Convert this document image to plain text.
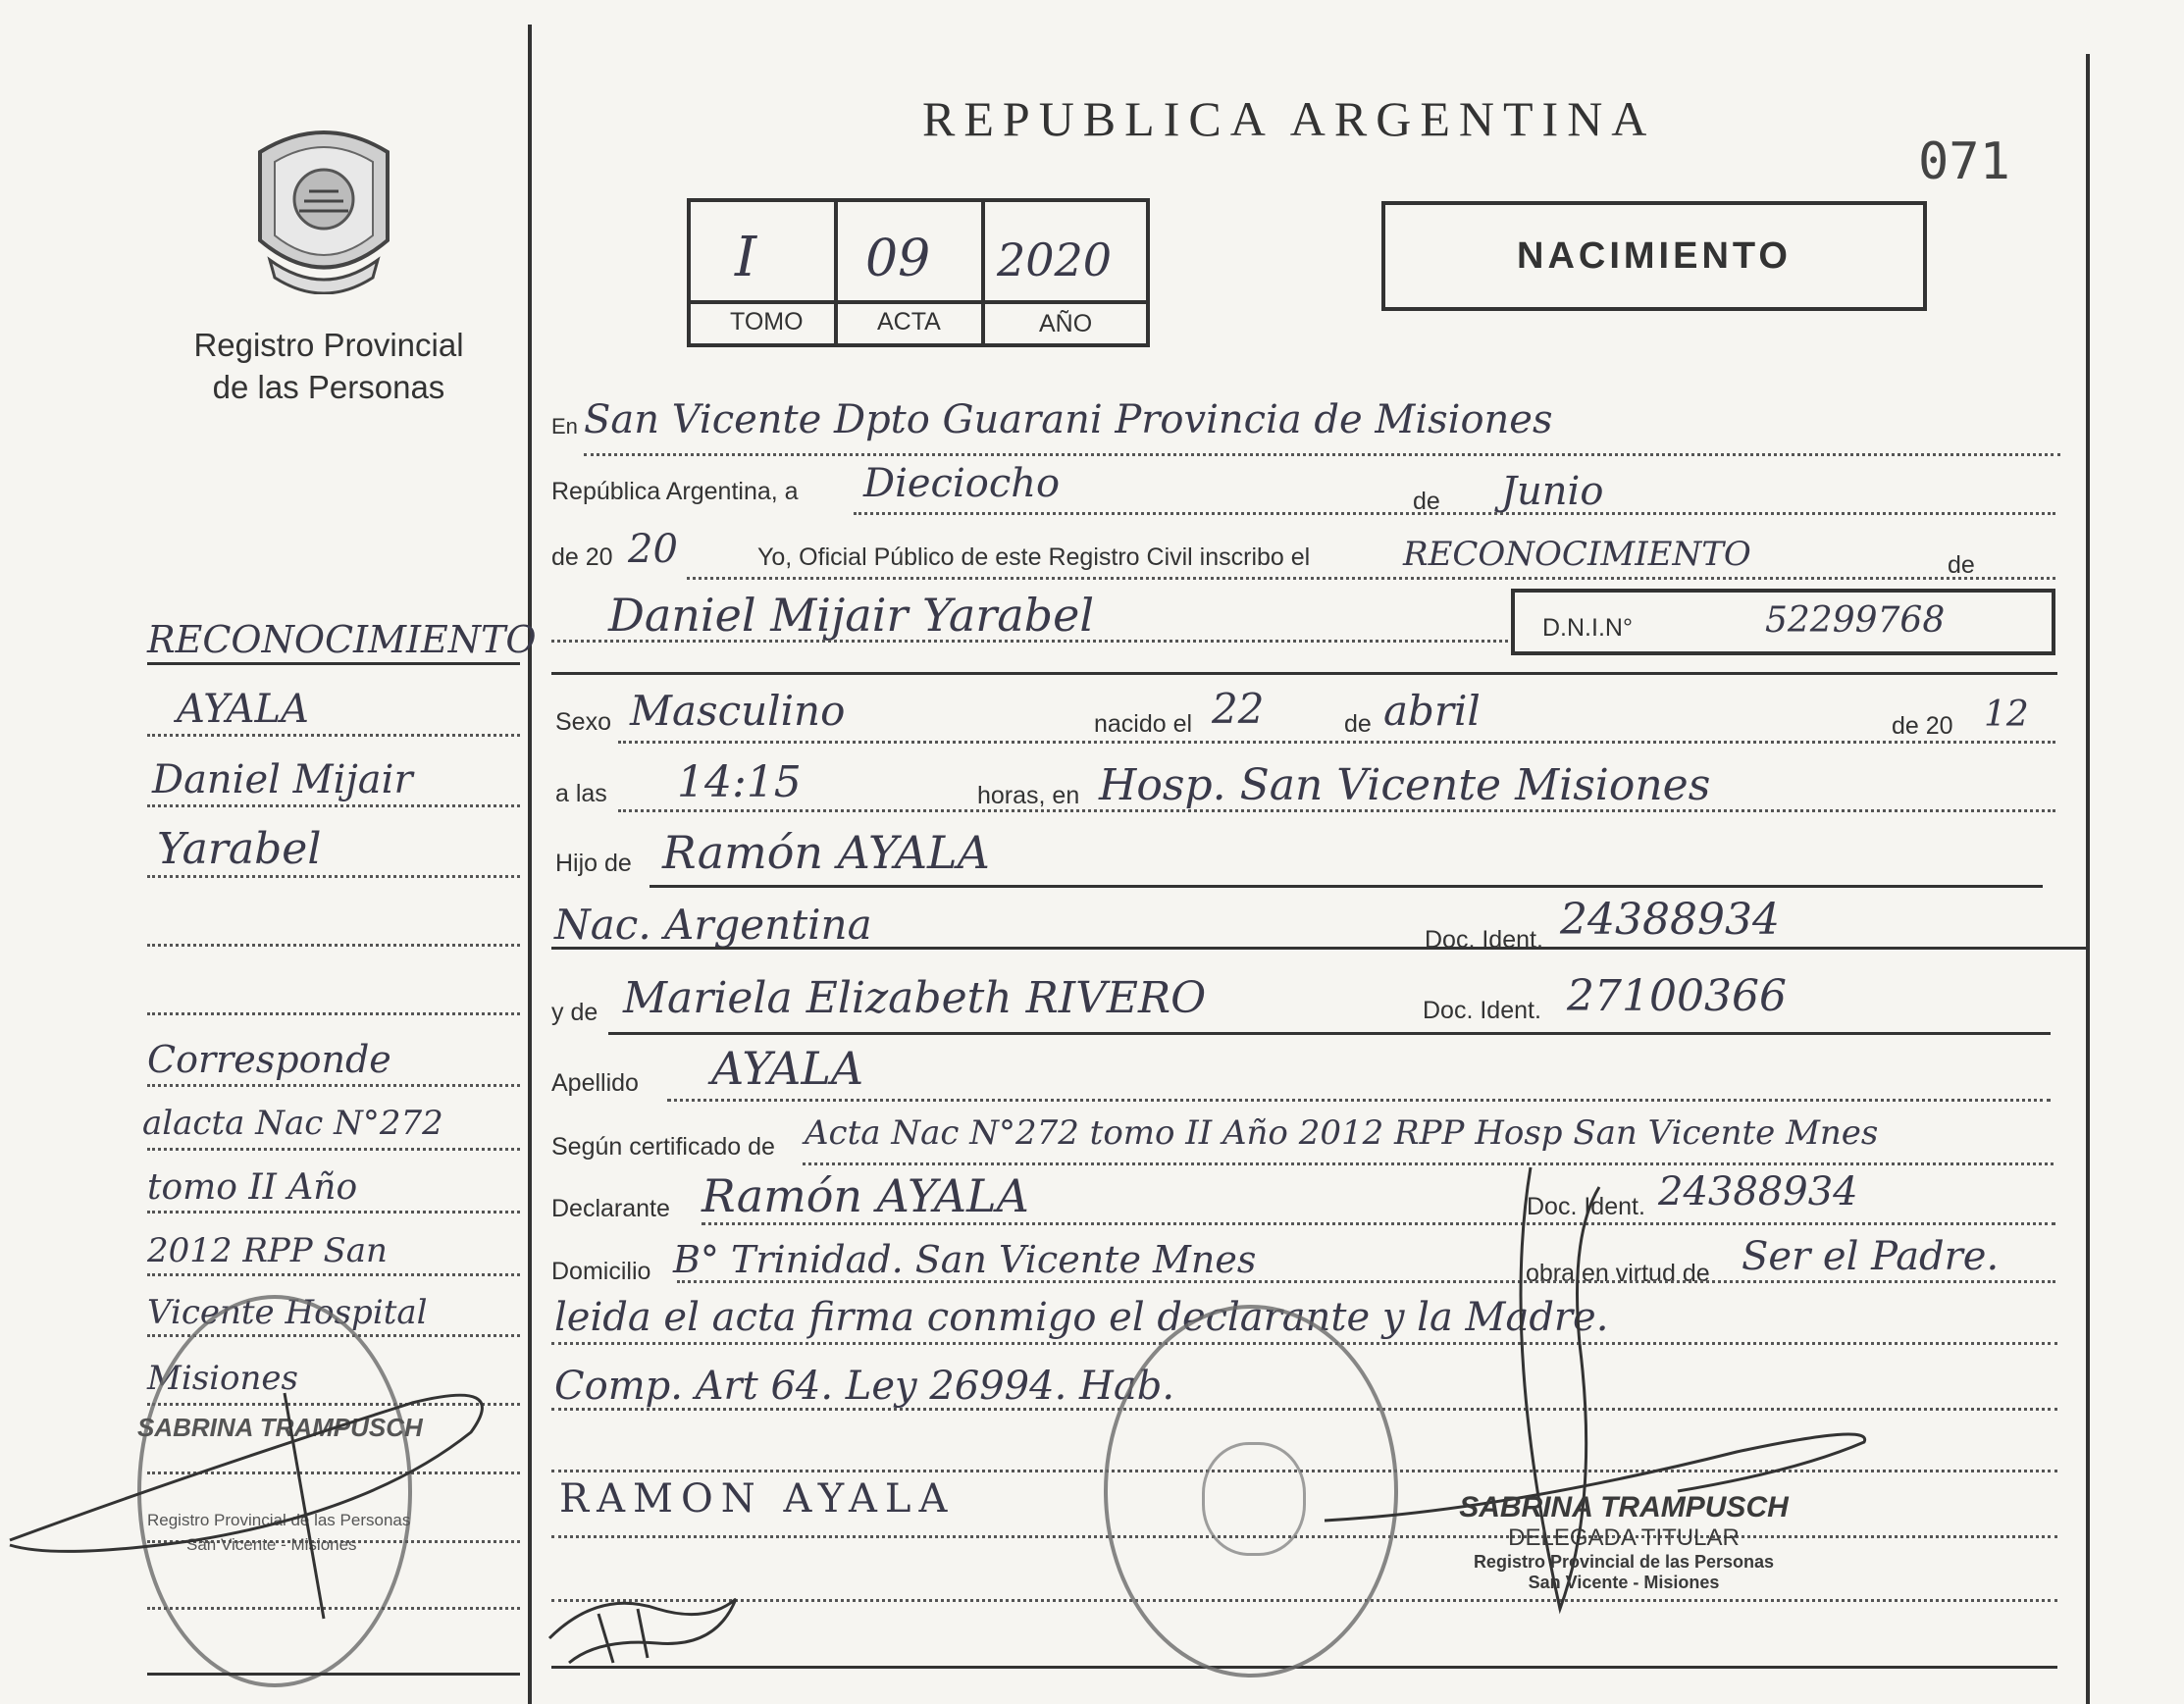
Registro Provincial
de las Personas
RECONOCIMIENTO
AYALA
Daniel Mijair
Yarabel
Corresponde
alacta Nac N°272
tomo II Año
2012 RPP San
Vicente Hospital
Misiones
SABRINA TRAMPUSCH
Registro Provincial de las Personas
San Vicente - Misiones
REPUBLICA ARGENTINA
071
I 09 2020
TOMO	ACTA	AÑO
NACIMIENTO
En San Vicente Dpto Guarani Provincia de Misiones
República Argentina, a Dieciocho	de Junio
de 20 20	Yo, Oficial Público de este Registro Civil inscribo el	RECONOCIMIENTO	de
Daniel Mijair Yarabel	D.N.I.N°	52299768
Sexo Masculino	nacido el 22	de abril	de 20 12
a las 14:15	horas, en Hosp. San Vicente Misiones
Hijo de Ramón AYALA
Nac. Argentina	Doc. Ident. 24388934
y de Mariela Elizabeth RIVERO	Doc. Ident. 27100366
Apellido AYALA
Según certificado de Acta Nac N°272 tomo II Año 2012 RPP Hosp San Vicente Mnes
Declarante Ramón AYALA	Doc. Ident. 24388934
Domicilio B° Trinidad. San Vicente Mnes	obra en virtud de Ser el Padre.
leida el acta firma conmigo el declarante y la Madre.
Comp. Art 64. Ley 26994. Hab.
RAMON AYALA	SABRINA TRAMPUSCH
DELEGADA TITULAR
Registro Provincial de las Personas
San Vicente - Misiones
